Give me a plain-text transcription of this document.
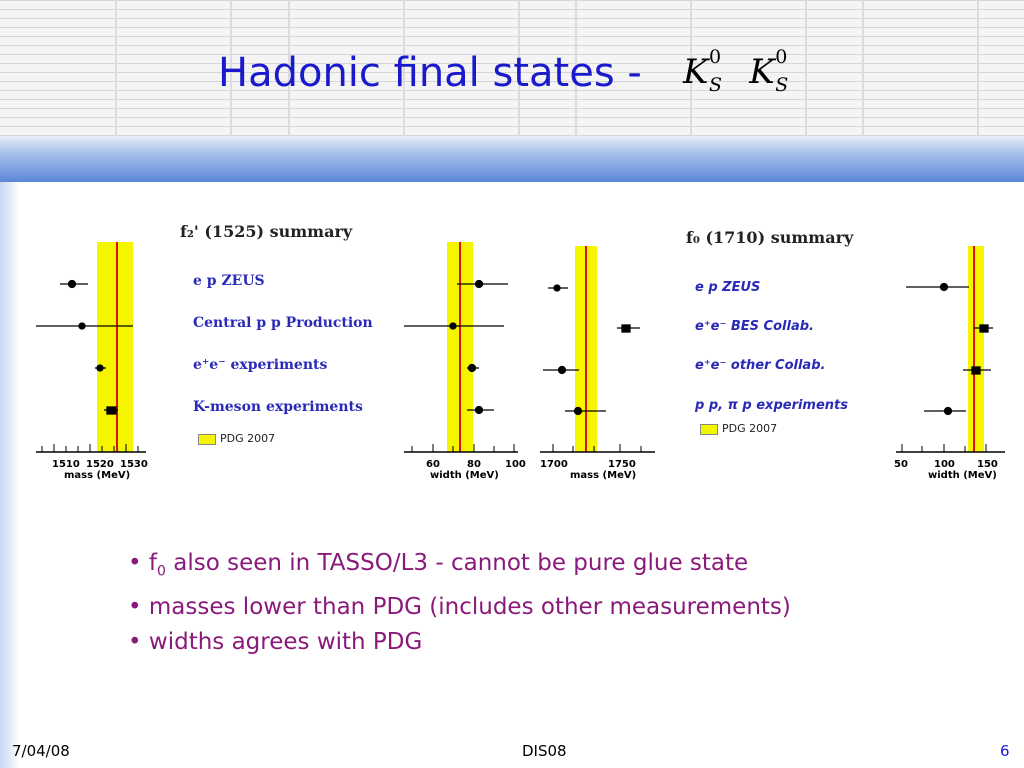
Hadonic final states - K 0
S K 0
S
f₂' (1525) summary
e p ZEUS
Central p p Production
e⁺e⁻ experiments
K-meson experiments
PDG 2007
f₀ (1710) summary
e p ZEUS
e⁺e⁻ BES Collab.
e⁺e⁻ other Collab.
p p, π p experiments
PDG 2007
1510 1520 1530
mass (MeV)
60	80 100
width (MeV)
1700	1750
mass (MeV)
50	100 150
width (MeV)
• $f_0$ also seen in TASSO/L3 - cannot be pure glue state
• masses lower than PDG (includes other measurements)
• widths agrees with PDG
7/04/08	DIS08	6
